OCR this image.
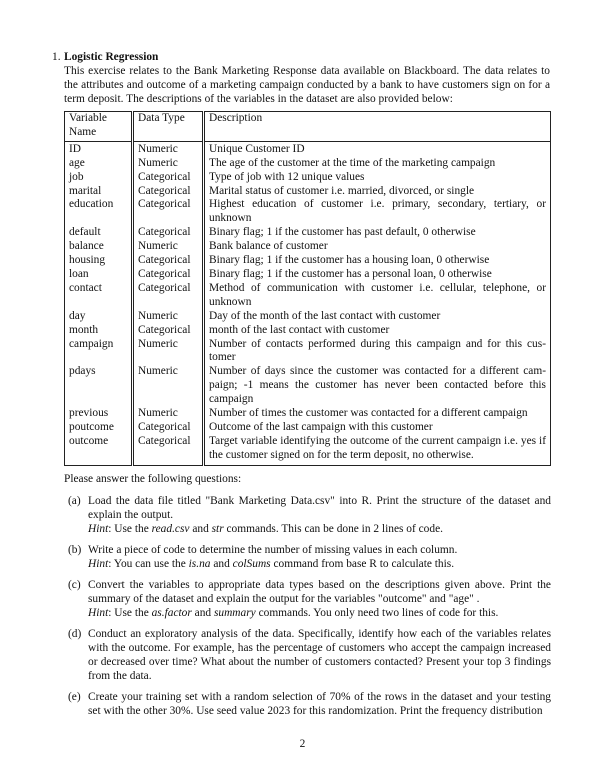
1. Logistic Regression

This exercise relates to the Bank Marketing Response data available on Blackboard. The data relates to the attributes and outcome of a marketing campaign conducted by a bank to have customers sign on for a term deposit. The descriptions of the variables in the dataset are also provided below:

Variable Name	Data Type	Description
ID	Numeric	Unique Customer ID
age	Numeric	The age of the customer at the time of the marketing campaign
job	Categorical	Type of job with 12 unique values
marital	Categorical	Marital status of customer i.e. married, divorced, or single
education	Categorical	Highest education of customer i.e. primary, secondary, tertiary, or unknown
default	Categorical	Binary flag; 1 if the customer has past default, 0 otherwise
balance	Numeric	Bank balance of customer
housing	Categorical	Binary flag; 1 if the customer has a housing loan, 0 otherwise
loan	Categorical	Binary flag; 1 if the customer has a personal loan, 0 otherwise
contact	Categorical	Method of communication with customer i.e. cellular, telephone, or unknown
day	Numeric	Day of the month of the last contact with customer
month	Categorical	month of the last contact with customer
campaign	Numeric	Number of contacts performed during this campaign and for this customer
pdays	Numeric	Number of days since the customer was contacted for a different campaign; -1 means the customer has never been contacted before this campaign
previous	Numeric	Number of times the customer was contacted for a different campaign
poutcome	Categorical	Outcome of the last campaign with this customer
outcome	Categorical	Target variable identifying the outcome of the current campaign i.e. yes if the customer signed on for the term deposit, no otherwise.
Please answer the following questions:
(a) Load the data file titled "Bank Marketing Data.csv" into R. Print the structure of the dataset and explain the output.

Hint: Use the read.csv and str commands. This can be done in 2 lines of code.

(b) Write a piece of code to determine the number of missing values in each column.

Hint: You can use the is.na and colSums command from base R to calculate this.

(c) Convert the variables to appropriate data types based on the descriptions given above. Print the summary of the dataset and explain the output for the variables "outcome" and "age" .

Hint: Use the as.factor and summary commands. You only need two lines of code for this.

(d) Conduct an exploratory analysis of the data. Specifically, identify how each of the variables relates with the outcome. For example, has the percentage of customers who accept the campaign increased or decreased over time? What about the number of customers contacted? Present your top 3 findings from the data.

(e) Create your training set with a random selection of 70% of the rows in the dataset and your testing set with the other 30%. Use seed value 2023 for this randomization. Print the frequency distribution

2
